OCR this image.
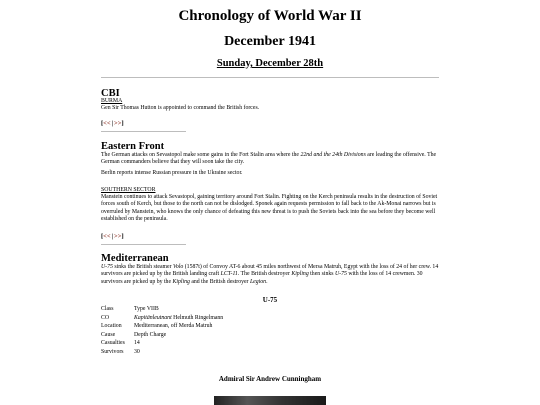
Chronology of World War II
December 1941
Sunday, December 28th
CBI
BURMA

Gen Sir Thomas Hutton is appointed to command the British forces.

[<<|>>]
Eastern Front

The German attacks on Sevastopol make some gains in the Fort Stalin area where the 22nd and the 24th Divisions are leading the offensive. The German commanders believe that they will soon take the city.

Berlin reports intense Russian pressure in the Ukraine sector.

SOUTHERN SECTOR

Manstein continues to attack Sevastopol, gaining territory around Fort Stalin. Fighting on the Kerch peninsula results in the destruction of Soviet forces south of Kerch, but those to the north can not be dislodged. Sponek again requests permission to fall back to the Ak-Monai narrows but is overruled by Manstein, who knows the only chance of defeating this new threat is to push the Soviets back into the sea before they become well established on the peninsula.

[<<|>>]
Mediterranean

U-75 sinks the British steamer Volo (1587t) of Convoy AT-6 about 45 miles northwest of Mersa Matruh, Egypt with the loss of 24 of her crew. 14 survivors are picked up by the British landing craft LCT-11. The British destroyer Kipling then sinks U-75 with the loss of 14 crewmen. 30 survivors are picked up by the Kipling and the British destroyer Legion.

U-75
Class	Type VIIB
CO	Kapitänleutnant Helmuth Ringelmann
Location	Mediterranean, off Merda Matruh
Cause	Depth Charge
Casualties	14
Survivors	30
Admiral Sir Andrew Cunningham
